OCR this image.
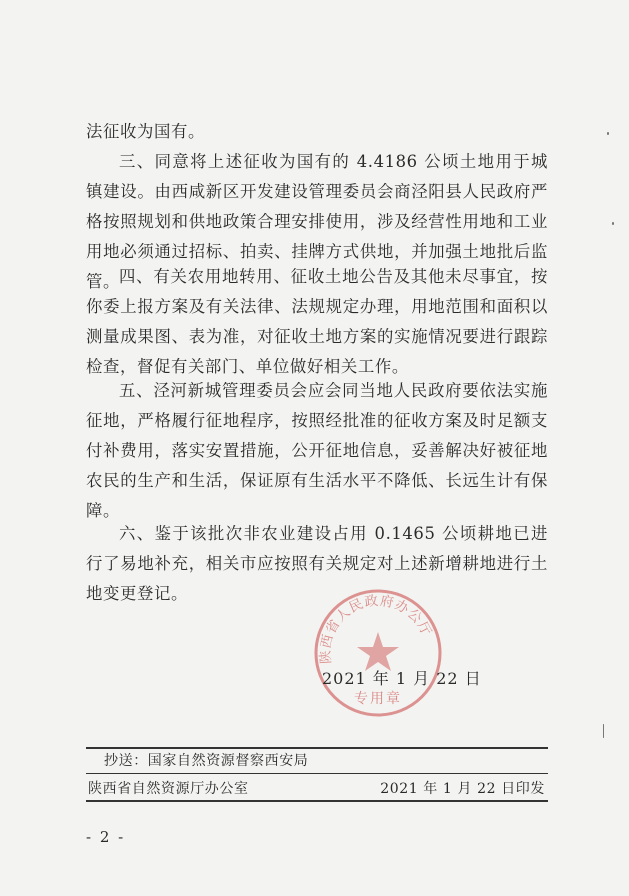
法征收为国有。

三、同意将上述征收为国有的 4.4186 公顷土地用于城镇建设。由西咸新区开发建设管理委员会商泾阳县人民政府严格按照规划和供地政策合理安排使用，涉及经营性用地和工业用地必须通过招标、拍卖、挂牌方式供地，并加强土地批后监管。 四、有关农用地转用、征收土地公告及其他未尽事宜，按你委上报方案及有关法律、法规规定办理，用地范围和面积以测量成果图、表为准，对征收土地方案的实施情况要进行跟踪检查，督促有关部门、单位做好相关工作。

五、泾河新城管理委员会应会同当地人民政府要依法实施征地，严格履行征地程序，按照经批准的征收方案及时足额支付补费用，落实安置措施，公开征地信息，妥善解决好被征地农民的生产和生活，保证原有生活水平不降低、长远生计有保障。

六、鉴于该批次非农业建设占用 0.1465 公顷耕地已进行了易地补充，相关市应按照有关规定对上述新增耕地进行土地变更登记。

陕西省人民政府办公厅
专用章

2021 年 1 月 22 日

抄送：国家自然资源督察西安局

陕西省自然资源厅办公室	2021 年 1 月 22 日印发

- 2 -
